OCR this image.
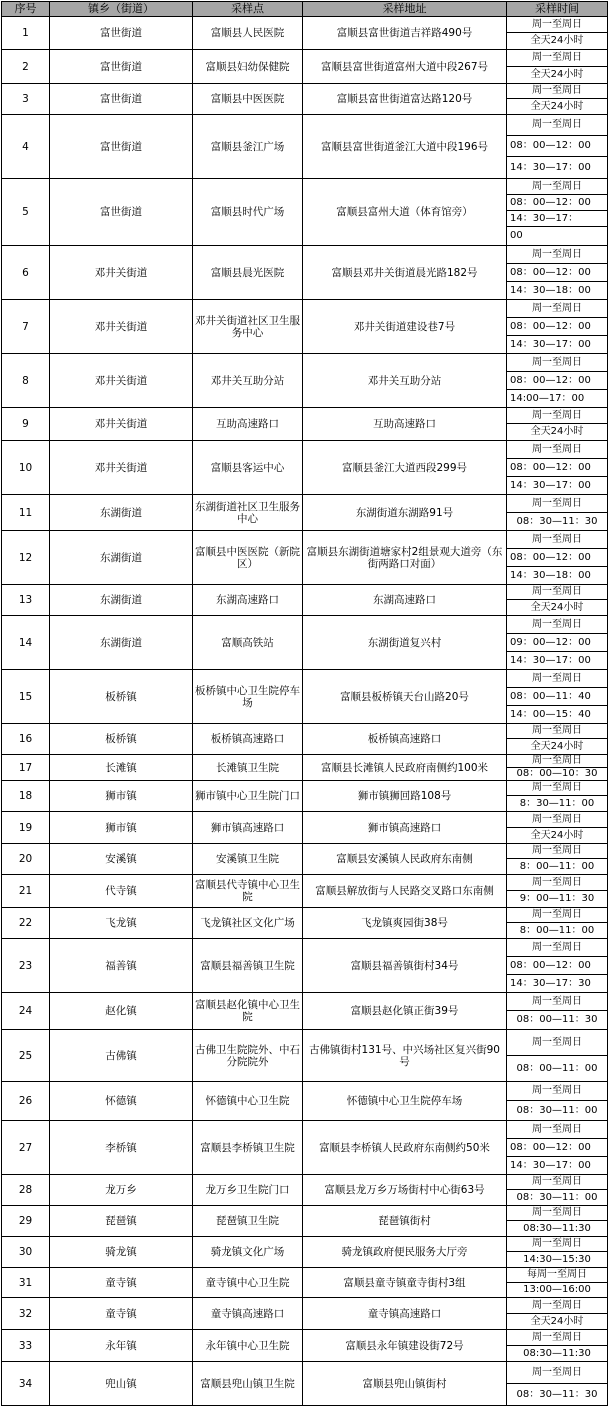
序号	镇乡（街道）	采样点	采样地址	采样时间
1	富世街道	富顺县人民医院	富顺县富世街道吉祥路490号	周一至周日
全天24小时

2	富世街道	富顺县妇幼保健院	富顺县富世街道富州大道中段267号	周一至周日
全天24小时

3	富世街道	富顺县中医医院	富顺县富世街道富达路120号	周一至周日
全天24小时

4	富世街道	富顺县釜江广场	富顺县富世街道釜江大道中段196号	周一至周日
08：00—12：00
14：30—17：00

5	富世街道	富顺县时代广场	富顺县富州大道（体育馆旁）	周一至周日
08：00—12：00
14：30—17：
00

6	邓井关街道	富顺县晨光医院	富顺县邓井关街道晨光路182号	周一至周日
08：00—12：00
14：30—18：00

7	邓井关街道	邓井关街道社区卫生服务中心	邓井关街道建设巷7号	周一至周日
08：00—12：00
14：30—17：00

8	邓井关街道	邓井关互助分站	邓井关互助分站	周一至周日
08：00—12：00
14:00—17：00

9	邓井关街道	互助高速路口	互助高速路口	周一至周日
全天24小时

10	邓井关街道	富顺县客运中心	富顺县釜江大道西段299号	周一至周日
08：00—12：00
14：30—17：00

11	东湖街道	东湖街道社区卫生服务中心	东湖街道东湖路91号	周一至周日
08：30—11：30

12	东湖街道	富顺县中医医院（新院区）	富顺县东湖街道塘家村2组景观大道旁（东街两路口对面）	周一至周日
08：00—12：00
14：30—18：00

13	东湖街道	东湖高速路口	东湖高速路口	周一至周日
全天24小时

14	东湖街道	富顺高铁站	东湖街道复兴村	周一至周日
09：00—12：00
14：30—17：00

15	板桥镇	板桥镇中心卫生院停车场	富顺县板桥镇天台山路20号	周一至周日
08：00—11：40
14：00—15：40

16	板桥镇	板桥镇高速路口	板桥镇高速路口	周一至周日
全天24小时

17	长滩镇	长滩镇卫生院	富顺县长滩镇人民政府南侧约100米	周一至周日
08：00—10：30

18	狮市镇	狮市镇中心卫生院门口	狮市镇狮回路108号	周一至周日
8：30—11：00

19	狮市镇	狮市镇高速路口	狮市镇高速路口	周一至周日
全天24小时

20	安溪镇	安溪镇卫生院	富顺县安溪镇人民政府东南侧	周一至周日
8：00—11：00

21	代寺镇	富顺县代寺镇中心卫生院	富顺县解放街与人民路交叉路口东南侧	周一至周日
9：00—11：30

22	飞龙镇	飞龙镇社区文化广场	飞龙镇爽园街38号	周一至周日
8：00—11：00

23	福善镇	富顺县福善镇卫生院	富顺县福善镇街村34号	周一至周日
08：00—12：00
14：30—17：30

24	赵化镇	富顺县赵化镇中心卫生院	富顺县赵化镇正街39号	周一至周日
08：00—11：30

25	古佛镇	古佛卫生院院外、中石分院院外	古佛镇街村131号、中兴场社区复兴街90号	周一至周日
08：00—11：00

26	怀德镇	怀德镇中心卫生院	怀德镇中心卫生院停车场	周一至周日
08：30—11：00

27	李桥镇	富顺县李桥镇卫生院	富顺县李桥镇人民政府东南侧约50米	周一至周日
08：00—12：00
14：30—17：00

28	龙万乡	龙万乡卫生院门口	富顺县龙万乡万场街村中心街63号	周一至周日
08：30—11：00

29	琵琶镇	琵琶镇卫生院	琵琶镇街村	周一至周日
08:30—11:30

30	骑龙镇	骑龙镇文化广场	骑龙镇政府便民服务大厅旁	周一至周日
14:30—15:30

31	童寺镇	童寺镇中心卫生院	富顺县童寺镇童寺街村3组	每周一至周日
13:00—16:00

32	童寺镇	童寺镇高速路口	童寺镇高速路口	周一至周日
全天24小时

33	永年镇	永年镇中心卫生院	富顺县永年镇建设街72号	周一至周日
08:30—11:30

34	兜山镇	富顺县兜山镇卫生院	富顺县兜山镇街村	周一至周日
08：30—11：30
